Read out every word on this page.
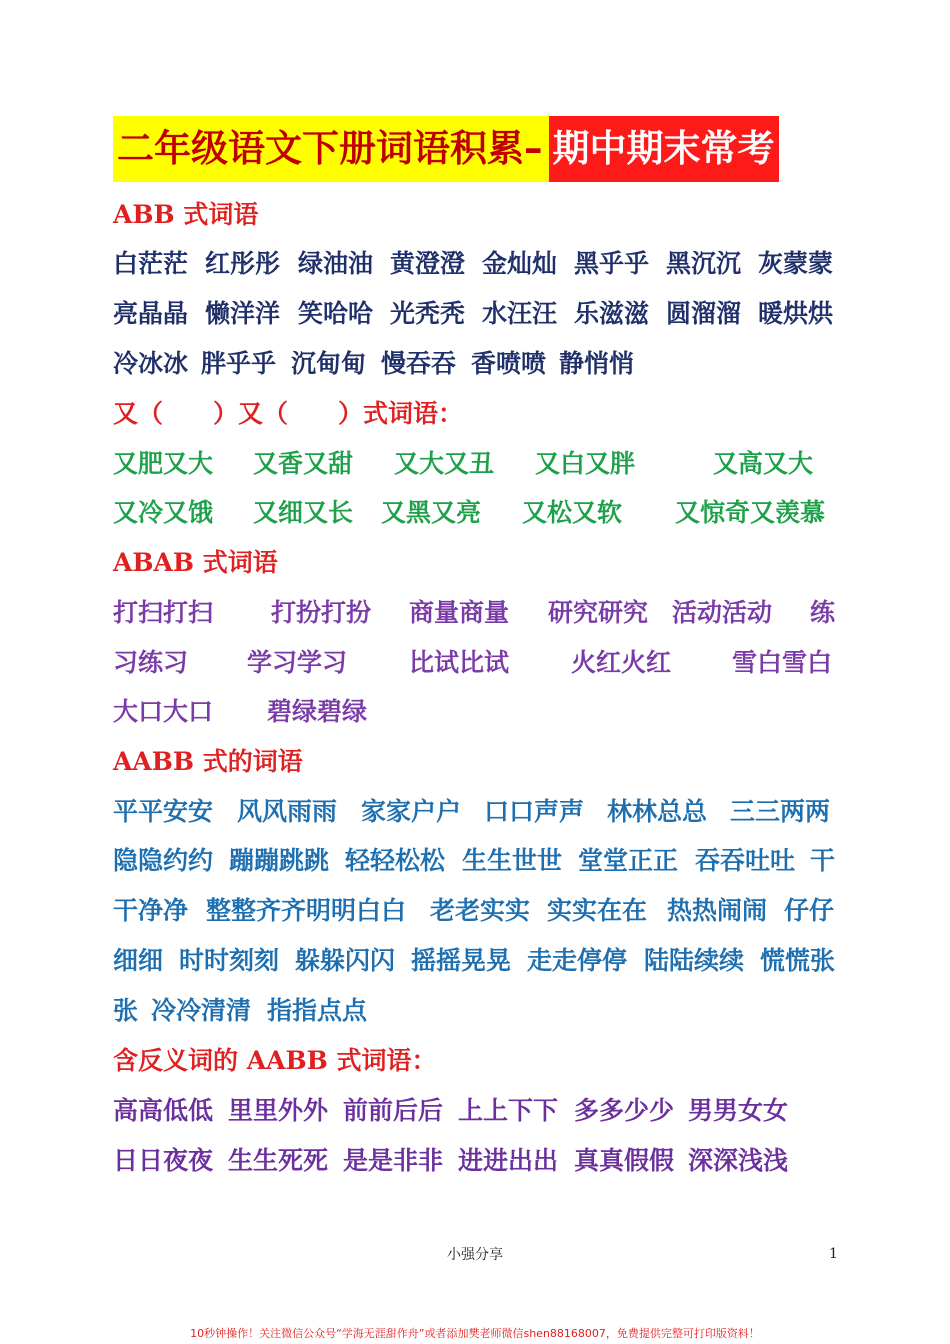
二年级语文下册词语积累– 期中期末常考
ABB 式词语
白茫茫 红彤彤 绿油油 黄澄澄 金灿灿 黑乎乎 黑沉沉 灰蒙蒙
亮晶晶 懒洋洋 笑哈哈 光秃秃 水汪汪 乐滋滋 圆溜溜 暖烘烘
冷冰冰 胖乎乎 沉甸甸 慢吞吞 香喷喷 静悄悄
又（　　）又（　　）式词语：
又肥又大 又香又甜 又大又丑 又白又胖	又高又大
又冷又饿 又细又长 又黑又亮 又松又软 又惊奇又羡慕
ABAB 式词语
打扫打扫 打扮打扮 商量商量 研究研究 活动活动 练
习练习 学习学习 比试比试 火红火红 雪白雪白
大口大口 碧绿碧绿
AABB 式的词语
平平安安 风风雨雨 家家户户 口口声声 林林总总 三三两两
隐隐约约 蹦蹦跳跳 轻轻松松 生生世世 堂堂正正 吞吞吐吐 干
干净净 整整齐齐明明白白 老老实实 实实在在 热热闹闹 仔仔
细细 时时刻刻 躲躲闪闪 摇摇晃晃 走走停停 陆陆续续 慌慌张
张 冷冷清清 指指点点
含反义词的 AABB 式词语：
高高低低 里里外外 前前后后 上上下下 多多少少 男男女女
日日夜夜 生生死死 是是非非 进进出出 真真假假 深深浅浅
小强分享	1
10秒钟操作！关注微信公众号“学海无涯甜作舟”或者添加樊老师微信shen88168007，免费提供完整可打印版资料！
